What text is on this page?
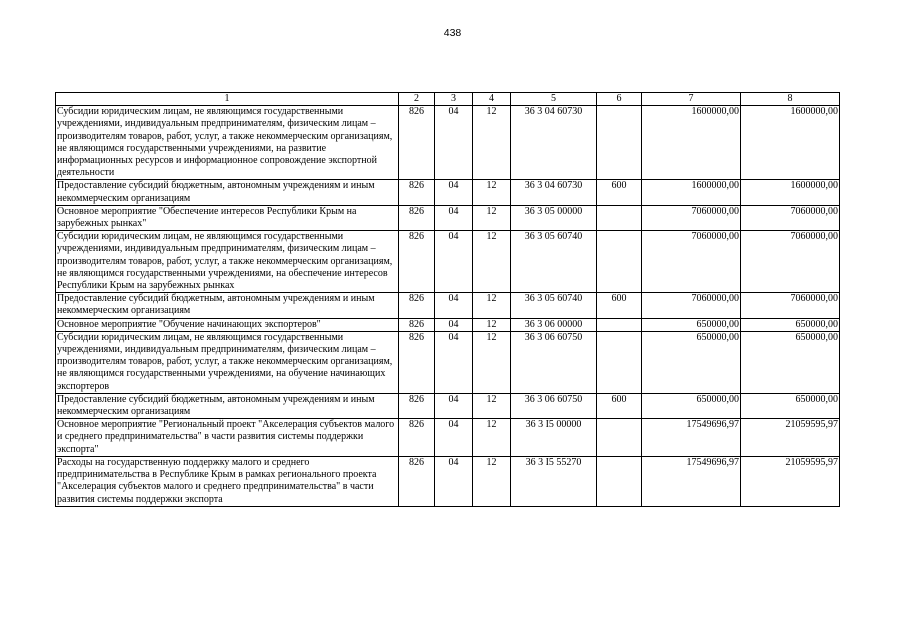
438
1	2	3	4	5	6	7	8
Субсидии юридическим лицам, не являющимся государственными учреждениями, индивидуальным предпринимателям, физическим лицам – производителям товаров, работ, услуг, а также некоммерческим организациям, не являющимся государственными учреждениями, на развитие информационных ресурсов и информационное сопровождение экспортной деятельности	826	04	12	36 3 04 60730		1600000,00	1600000,00
Предоставление субсидий бюджетным, автономным учреждениям и иным некоммерческим организациям	826	04	12	36 3 04 60730	600	1600000,00	1600000,00
Основное мероприятие "Обеспечение интересов Республики Крым на зарубежных рынках"	826	04	12	36 3 05 00000		7060000,00	7060000,00
Субсидии юридическим лицам, не являющимся государственными учреждениями, индивидуальным предпринимателям, физическим лицам – производителям товаров, работ, услуг, а также некоммерческим организациям, не являющимся государственными учреждениями, на обеспечение интересов Республики Крым на зарубежных рынках	826	04	12	36 3 05 60740		7060000,00	7060000,00
Предоставление субсидий бюджетным, автономным учреждениям и иным некоммерческим организациям	826	04	12	36 3 05 60740	600	7060000,00	7060000,00
Основное мероприятие "Обучение начинающих экспортеров"	826	04	12	36 3 06 00000		650000,00	650000,00
Субсидии юридическим лицам, не являющимся государственными учреждениями, индивидуальным предпринимателям, физическим лицам – производителям товаров, работ, услуг, а также некоммерческим организациям, не являющимся государственными учреждениями, на обучение начинающих экспортеров	826	04	12	36 3 06 60750		650000,00	650000,00
Предоставление субсидий бюджетным, автономным учреждениям и иным некоммерческим организациям	826	04	12	36 3 06 60750	600	650000,00	650000,00
Основное мероприятие "Региональный проект "Акселерация субъектов малого и среднего предпринимательства" в части развития системы поддержки экспорта"	826	04	12	36 3 I5 00000		17549696,97	21059595,97
Расходы на государственную поддержку малого и среднего предпринимательства в Республике Крым в рамках регионального проекта "Акселерация субъектов малого и среднего предпринимательства" в части развития системы поддержки экспорта	826	04	12	36 3 I5 55270		17549696,97	21059595,97
